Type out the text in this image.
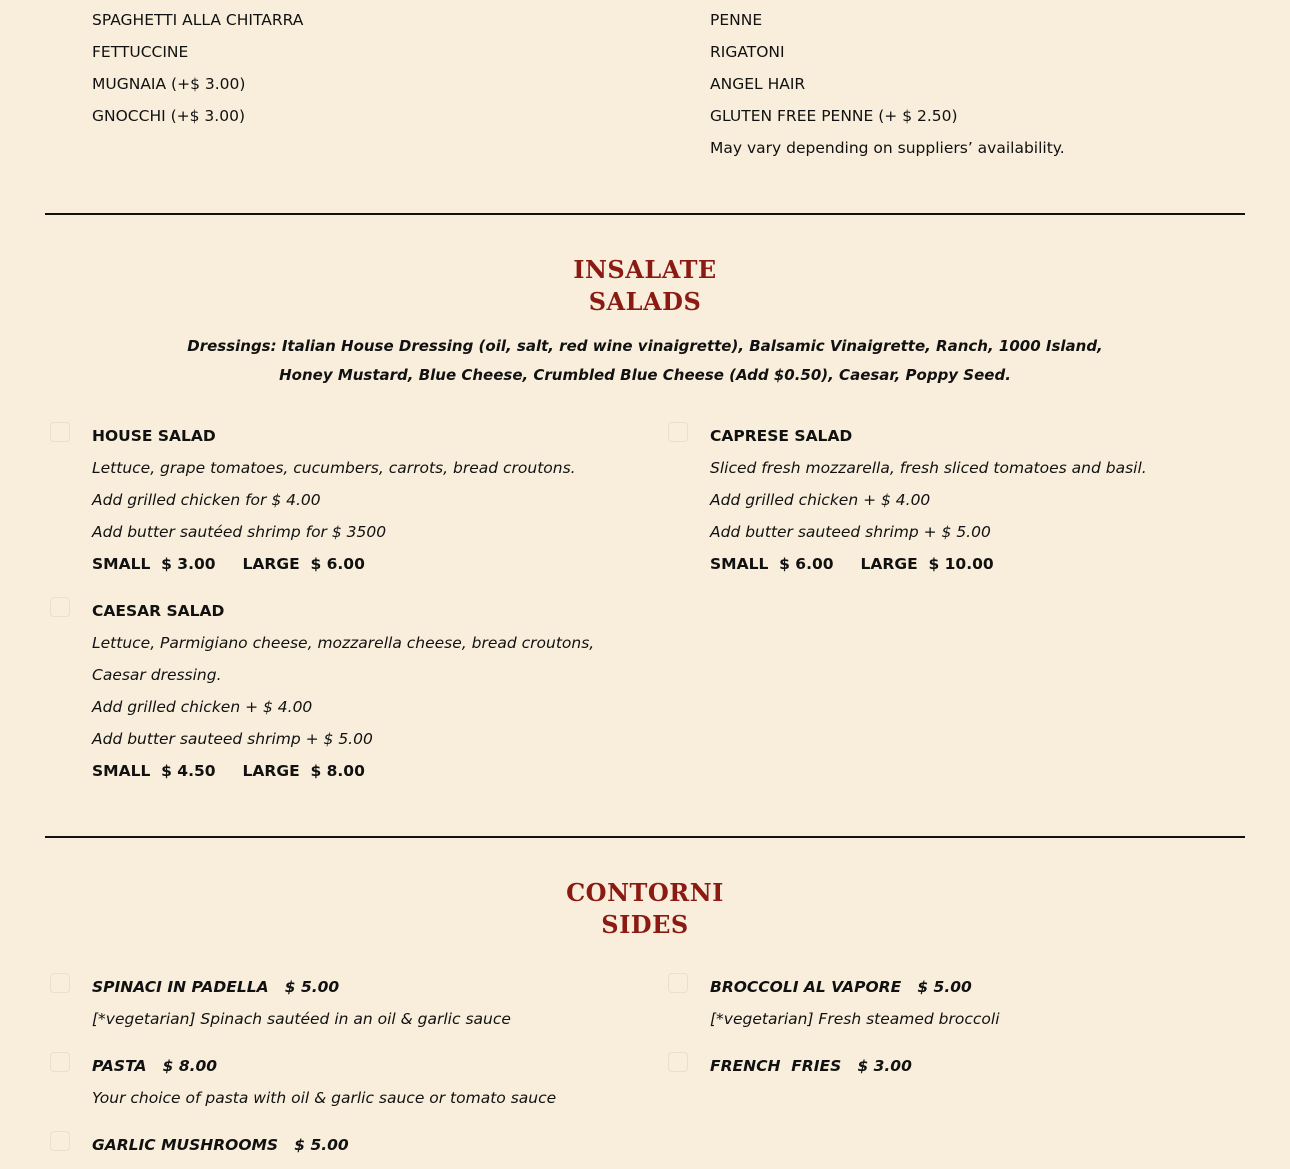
SPAGHETTI ALLA CHITARRA
FETTUCCINE
MUGNAIA (+$ 3.00)
GNOCCHI (+$ 3.00)
PENNE
RIGATONI
ANGEL HAIR
GLUTEN FREE PENNE (+ $ 2.50)
May vary depending on suppliers’ availability.
INSALATE
SALADS
Dressings: Italian House Dressing (oil, salt, red wine vinaigrette), Balsamic Vinaigrette, Ranch, 1000 Island,
Honey Mustard, Blue Cheese, Crumbled Blue Cheese (Add $0.50), Caesar, Poppy Seed.
HOUSE SALAD
Lettuce, grape tomatoes, cucumbers, carrots, bread croutons.
Add grilled chicken for $ 4.00
Add butter sautéed shrimp for $ 3500
SMALL  $ 3.00     LARGE  $ 6.00
CAPRESE SALAD
Sliced fresh mozzarella, fresh sliced tomatoes and basil.
Add grilled chicken + $ 4.00
Add butter sauteed shrimp + $ 5.00
SMALL  $ 6.00     LARGE  $ 10.00
CAESAR SALAD
Lettuce, Parmigiano cheese, mozzarella cheese, bread croutons, Caesar dressing.
Add grilled chicken + $ 4.00
Add butter sauteed shrimp + $ 5.00
SMALL  $ 4.50     LARGE  $ 8.00
CONTORNI
SIDES
SPINACI IN PADELLA   $ 5.00
[*vegetarian] Spinach sautéed in an oil & garlic sauce
BROCCOLI AL VAPORE   $ 5.00
[*vegetarian] Fresh steamed broccoli
PASTA   $ 8.00
Your choice of pasta with oil & garlic sauce or tomato sauce
FRENCH  FRIES   $ 3.00
GARLIC MUSHROOMS   $ 5.00
